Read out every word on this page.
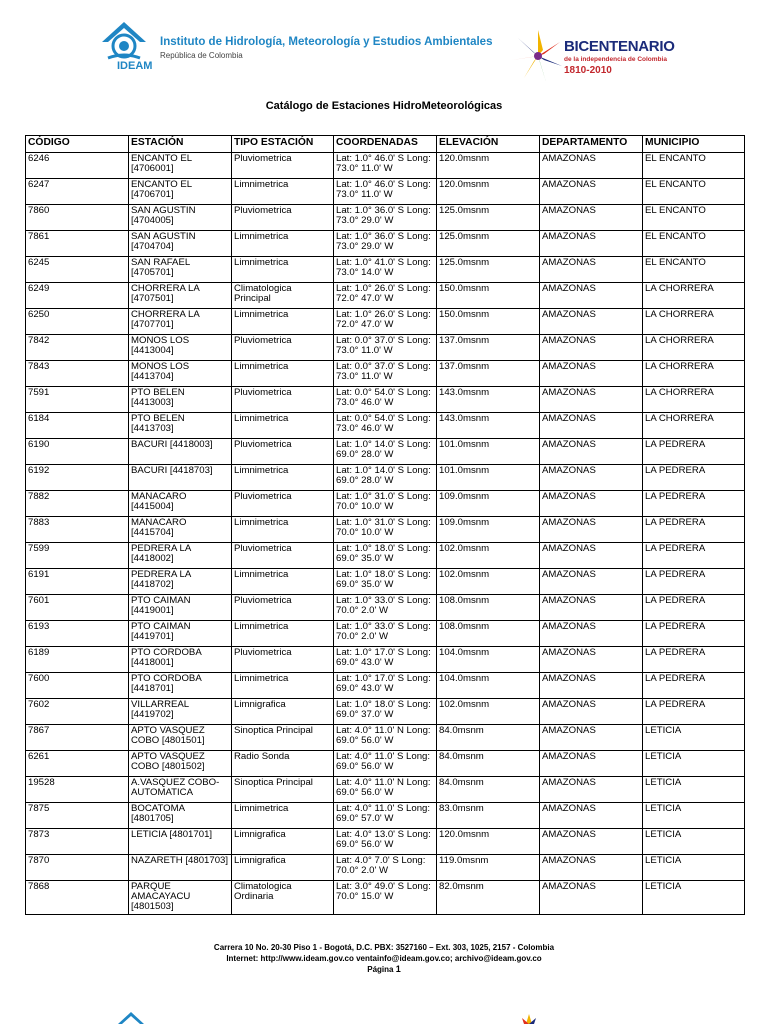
IDEAM
Instituto de Hidrología, Meteorología y Estudios Ambientales
República de Colombia
BICENTENARIO
de la independencia de Colombia
1810-2010
Catálogo de Estaciones HidroMeteorológicas
CÓDIGO	ESTACIÓN	TIPO ESTACIÓN	COORDENADAS	ELEVACIÓN	DEPARTAMENTO	MUNICIPIO
6246	ENCANTO EL [4706001]	Pluviometrica	Lat: 1.0° 46.0' S Long: 73.0° 11.0' W	120.0msnm	AMAZONAS	EL ENCANTO
6247	ENCANTO EL [4706701]	Limnimetrica	Lat: 1.0° 46.0' S Long: 73.0° 11.0' W	120.0msnm	AMAZONAS	EL ENCANTO
7860	SAN AGUSTIN [4704005]	Pluviometrica	Lat: 1.0° 36.0' S Long: 73.0° 29.0' W	125.0msnm	AMAZONAS	EL ENCANTO
7861	SAN AGUSTIN [4704704]	Limnimetrica	Lat: 1.0° 36.0' S Long: 73.0° 29.0' W	125.0msnm	AMAZONAS	EL ENCANTO
6245	SAN RAFAEL [4705701]	Limnimetrica	Lat: 1.0° 41.0' S Long: 73.0° 14.0' W	125.0msnm	AMAZONAS	EL ENCANTO
6249	CHORRERA LA [4707501]	Climatologica Principal	Lat: 1.0° 26.0' S Long: 72.0° 47.0' W	150.0msnm	AMAZONAS	LA CHORRERA
6250	CHORRERA LA [4707701]	Limnimetrica	Lat: 1.0° 26.0' S Long: 72.0° 47.0' W	150.0msnm	AMAZONAS	LA CHORRERA
7842	MONOS LOS [4413004]	Pluviometrica	Lat: 0.0° 37.0' S Long: 73.0° 11.0' W	137.0msnm	AMAZONAS	LA CHORRERA
7843	MONOS LOS [4413704]	Limnimetrica	Lat: 0.0° 37.0' S Long: 73.0° 11.0' W	137.0msnm	AMAZONAS	LA CHORRERA
7591	PTO BELEN [4413003]	Pluviometrica	Lat: 0.0° 54.0' S Long: 73.0° 46.0' W	143.0msnm	AMAZONAS	LA CHORRERA
6184	PTO BELEN [4413703]	Limnimetrica	Lat: 0.0° 54.0' S Long: 73.0° 46.0' W	143.0msnm	AMAZONAS	LA CHORRERA
6190	BACURI [4418003]	Pluviometrica	Lat: 1.0° 14.0' S Long: 69.0° 28.0' W	101.0msnm	AMAZONAS	LA PEDRERA
6192	BACURI [4418703]	Limnimetrica	Lat: 1.0° 14.0' S Long: 69.0° 28.0' W	101.0msnm	AMAZONAS	LA PEDRERA
7882	MANACARO [4415004]	Pluviometrica	Lat: 1.0° 31.0' S Long: 70.0° 10.0' W	109.0msnm	AMAZONAS	LA PEDRERA
7883	MANACARO [4415704]	Limnimetrica	Lat: 1.0° 31.0' S Long: 70.0° 10.0' W	109.0msnm	AMAZONAS	LA PEDRERA
7599	PEDRERA LA [4418002]	Pluviometrica	Lat: 1.0° 18.0' S Long: 69.0° 35.0' W	102.0msnm	AMAZONAS	LA PEDRERA
6191	PEDRERA LA [4418702]	Limnimetrica	Lat: 1.0° 18.0' S Long: 69.0° 35.0' W	102.0msnm	AMAZONAS	LA PEDRERA
7601	PTO CAIMAN [4419001]	Pluviometrica	Lat: 1.0° 33.0' S Long: 70.0° 2.0' W	108.0msnm	AMAZONAS	LA PEDRERA
6193	PTO CAIMAN [4419701]	Limnimetrica	Lat: 1.0° 33.0' S Long: 70.0° 2.0' W	108.0msnm	AMAZONAS	LA PEDRERA
6189	PTO CORDOBA [4418001]	Pluviometrica	Lat: 1.0° 17.0' S Long: 69.0° 43.0' W	104.0msnm	AMAZONAS	LA PEDRERA
7600	PTO CORDOBA [4418701]	Limnimetrica	Lat: 1.0° 17.0' S Long: 69.0° 43.0' W	104.0msnm	AMAZONAS	LA PEDRERA
7602	VILLARREAL [4419702]	Limnigrafica	Lat: 1.0° 18.0' S Long: 69.0° 37.0' W	102.0msnm	AMAZONAS	LA PEDRERA
7867	APTO VASQUEZ COBO [4801501]	Sinoptica Principal	Lat: 4.0° 11.0' N Long: 69.0° 56.0' W	84.0msnm	AMAZONAS	LETICIA
6261	APTO VASQUEZ COBO [4801502]	Radio Sonda	Lat: 4.0° 11.0' S Long: 69.0° 56.0' W	84.0msnm	AMAZONAS	LETICIA
19528	A.VASQUEZ COBO-AUTOMATICA	Sinoptica Principal	Lat: 4.0° 11.0' N Long: 69.0° 56.0' W	84.0msnm	AMAZONAS	LETICIA
7875	BOCATOMA [4801705]	Limnimetrica	Lat: 4.0° 11.0' S Long: 69.0° 57.0' W	83.0msnm	AMAZONAS	LETICIA
7873	LETICIA [4801701]	Limnigrafica	Lat: 4.0° 13.0' S Long: 69.0° 56.0' W	120.0msnm	AMAZONAS	LETICIA
7870	NAZARETH [4801703]	Limnigrafica	Lat: 4.0° 7.0' S Long: 70.0° 2.0' W	119.0msnm	AMAZONAS	LETICIA
7868	PARQUE AMACAYACU [4801503]	Climatologica Ordinaria	Lat: 3.0° 49.0' S Long: 70.0° 15.0' W	82.0msnm	AMAZONAS	LETICIA
Carrera 10 No. 20-30 Piso 1 - Bogotá, D.C. PBX: 3527160 – Ext. 303, 1025, 2157 - Colombia
Internet: http://www.ideam.gov.co ventainfo@ideam.gov.co; archivo@ideam.gov.co
Página 1
